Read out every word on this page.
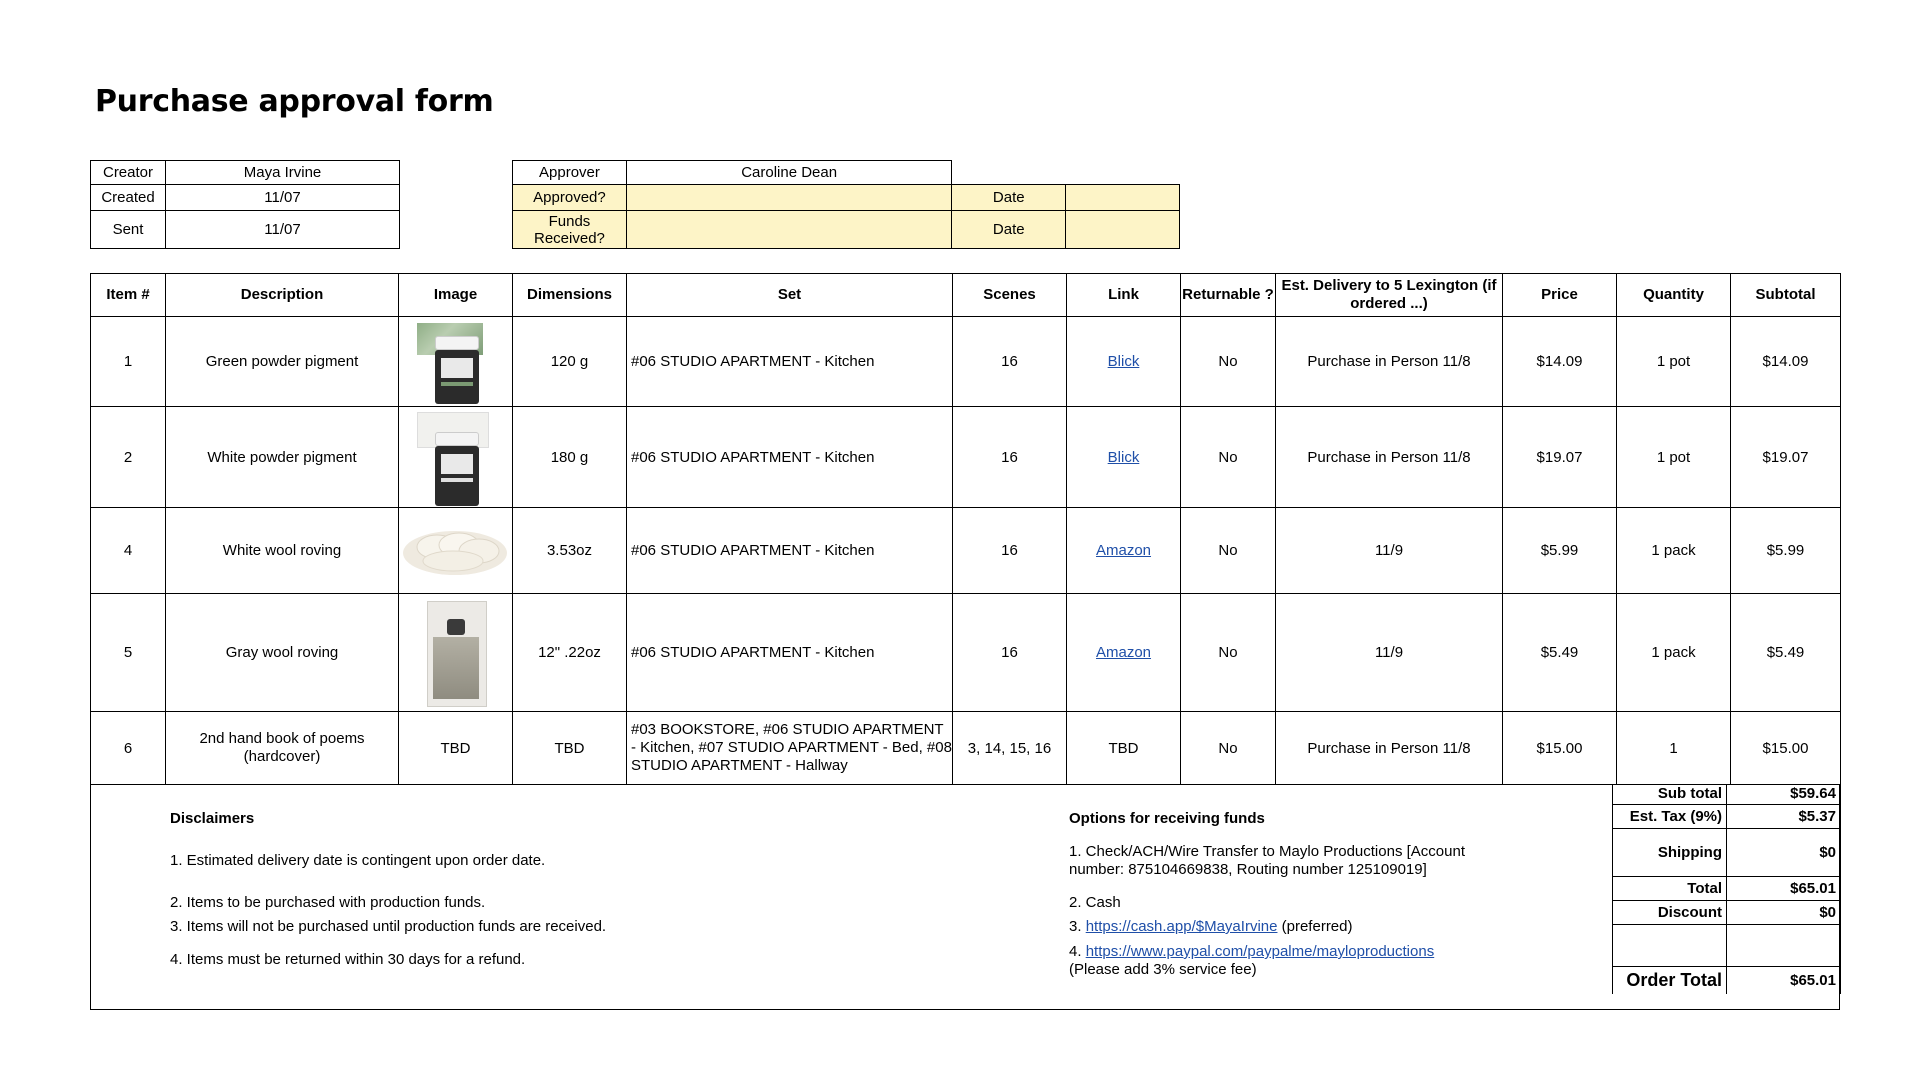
Purchase approval form
Creator	Maya Irvine
Created	11/07
Sent	11/07
Approver	Caroline Dean		
Approved?		Date	
Funds Received?		Date	
Item #	Description	Image	Dimensions	Set	Scenes	Link	Returnable ?	Est. Delivery to 5 Lexington (if ordered ...)	Price	Quantity	Subtotal
1	Green powder pigment		120 g	#06 STUDIO APARTMENT - Kitchen	16	Blick	No	Purchase in Person 11/8	$14.09	1 pot	$14.09
2	White powder pigment		180 g	#06 STUDIO APARTMENT - Kitchen	16	Blick	No	Purchase in Person 11/8	$19.07	1 pot	$19.07
4	White wool roving		3.53oz	#06 STUDIO APARTMENT - Kitchen	16	Amazon	No	11/9	$5.99	1 pack	$5.99
5	Gray wool roving		12" .22oz	#06 STUDIO APARTMENT - Kitchen	16	Amazon	No	11/9	$5.49	1 pack	$5.49
6	2nd hand book of poems (hardcover)	TBD	TBD	#03 BOOKSTORE, #06 STUDIO APARTMENT - Kitchen, #07 STUDIO APARTMENT - Bed, #08 STUDIO APARTMENT - Hallway	3, 14, 15, 16	TBD	No	Purchase in Person 11/8	$15.00	1	$15.00
Disclaimers
1. Estimated delivery date is contingent upon order date.
2. Items to be purchased with production funds.
3. Items will not be purchased until production funds are received.
4. Items must be returned within 30 days for a refund.
Options for receiving funds
1. Check/ACH/Wire Transfer to Maylo Productions [Account number: 875104669838, Routing number 125109019]
2. Cash
3. https://cash.app/$MayaIrvine (preferred)
4. https://www.paypal.com/paypalme/mayloproductions
(Please add 3% service fee)
Sub total	$59.64
Est. Tax (9%)	$5.37
Shipping	$0
Total	$65.01
Discount	$0

Order Total	$65.01
